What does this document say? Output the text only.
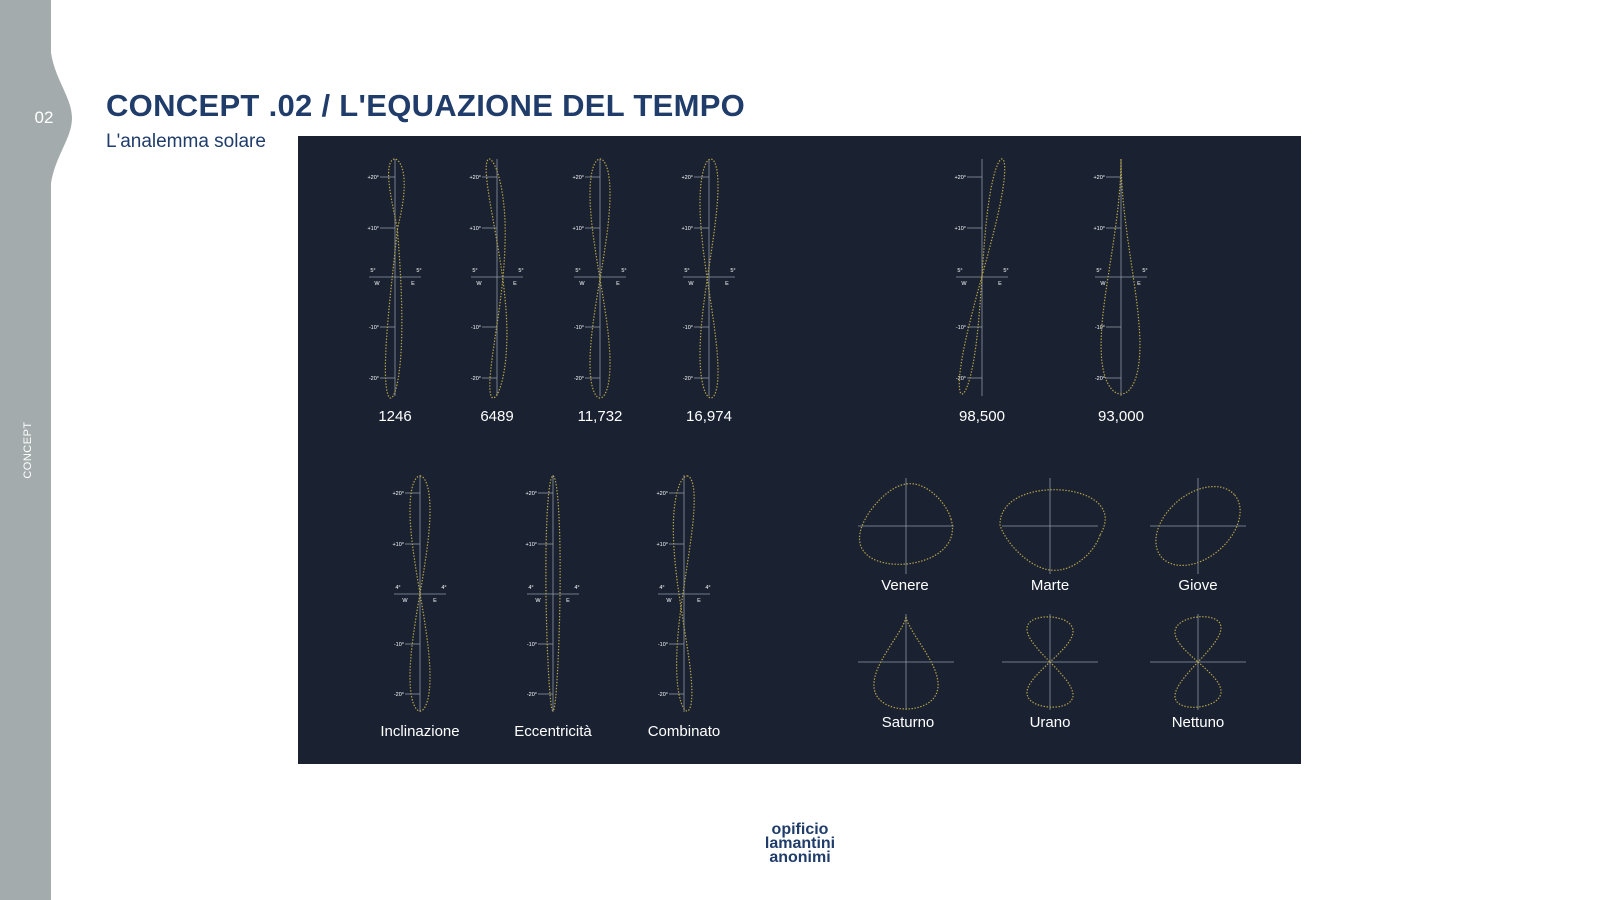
02
CONCEPT
CONCEPT .02 / L'EQUAZIONE DEL TEMPO

L'analemma solare

+20°
+10°
-10°
-20°
5°	5°
W	E
1246
+20°
+10°
-10°
-20°
5°	5°
W	E
6489
+20°
+10°
-10°
-20°
5°	5°
W	E
11,732
+20°
+10°
-10°
-20°
5°	5°
W	E
16,974
+20°
+10°
-10°
-20°
5°	5°
W	E
98,500
+20°
+10°
-10°
-20°
5°	5°
W	E
93,000
+20°
+10°
-10°
-20°
4°	4°
W	E
Inclinazione
+20°
+10°
-10°
-20°
4°	4°
W	E
Eccentricità
+20°
+10°
-10°
-20°
4°	4°
W	E
Combinato
Venere	Marte	Giove
Saturno	Urano	Nettuno
opificio
lamantini
anonimi
